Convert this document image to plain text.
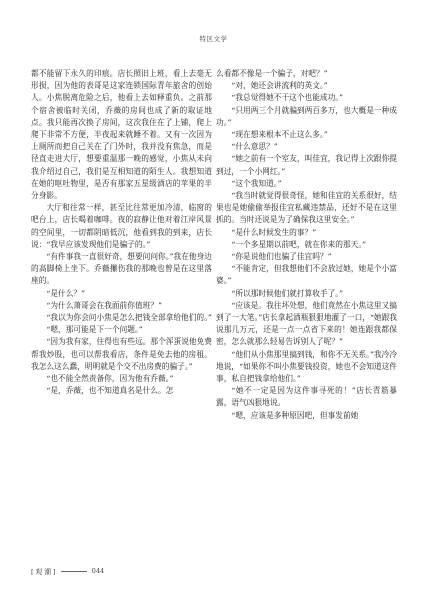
特区文学

都不能留下永久的印痕。店长照旧上班，看上去毫无形损，因为他的表哥是这家连锁国际青年旅舍的创始人。小焦脱离危险之后，他看上去如释重负。之前那个宿舍被临时关闭，乔薇的房间也成了新的取证地点。我只能再次换了房间，这次我住在了上铺，爬上爬下非常不方便，半夜起来就睡不着。又有一次因为上厕所而把自己关在了门外时，我并没有焦急，而是径直走进大厅，想要重温那一晚的感觉，小焦从未向我介绍过自己，我们是互相知道的陌生人。我想知道在她的呕吐物里，是否有那家五星级酒店的苹果的半分身影。

大厅和往常一样，甚至比往常更加冷清，临窗的吧台上，店长喝着咖啡。夜的寂静让他对着江岸风景的空间里，一切都阴暗低沉，他看到我的到来，店长说：“我早应该发现他们是骗子的。”

“有件事我一直很好奇，想要问问你。”我在他身边的高脚椅上坐下。乔薇攥伤我的那晚也曾是在这里落座的。

“是什么？”

“为什么萧哥会在我面前你值班？”

“我以为你会问小焦是怎么把钱全部拿给他们的。”

“嗯，那可能是下一个问题。”

“因为我有家，住得也有些远。那个浑蛋说他免费帮我炒股，也可以帮我看店，条件是免去他的房租。我怎么这么蠢，明明就是个交不出房费的骗子。”

“也不能全然责备你，因为他有乔薇。”

“是，乔薇，也不知道真名是什么。怎

么看都不像是一个骗子，对吧？”

“对，她还会讲流利的英文。”

“我总觉得她不干这个也能成功。”

“只用两三个月就骗到两百多万，也大概是一种成功。”

“现在想来根本不止这么多。”

“什么意思？”

“她之前有一个室友，叫佳宜，我记得上次跟你提到过，一个小网红。”

“这个我知道。”

“我当时就觉得很奇怪，她和佳宜的关系很好，结果也是她偷偷举报佳宜私藏违禁品，还好不是在这里抓的。当时还说是为了确保我这里安全。”

“是什么时候发生的事？”

“一个多星期以前吧，就在你来的那天。”

“你是说他们也骗了佳宜吗？”

“不能肯定，但我想他们不会放过她，她是个小富婆。”

“所以那时候他们就打算收手了。”

“应该是。我往坏处想，他们竟然在小焦这里又搞到了一大笔。”店长拿起酒瓶狠狠地灌了一口，“她跟我说那几万元，还是一点一点省下来的！她连跟我都保密，怎么就那么轻易告诉别人了呢？”

“他们从小焦那里搞到钱，和你不无关系。”我冷冷地说，“如果你不叫小焦要钱投资，她也不会知道这件事，私自把钱拿给他们。”

“她不一定是因为这件事寻死的！”店长青筋暴露，语气凶狠地说。

“嗯，应该是多种原因吧，但事发前她

[ 观 潮 ]	044
